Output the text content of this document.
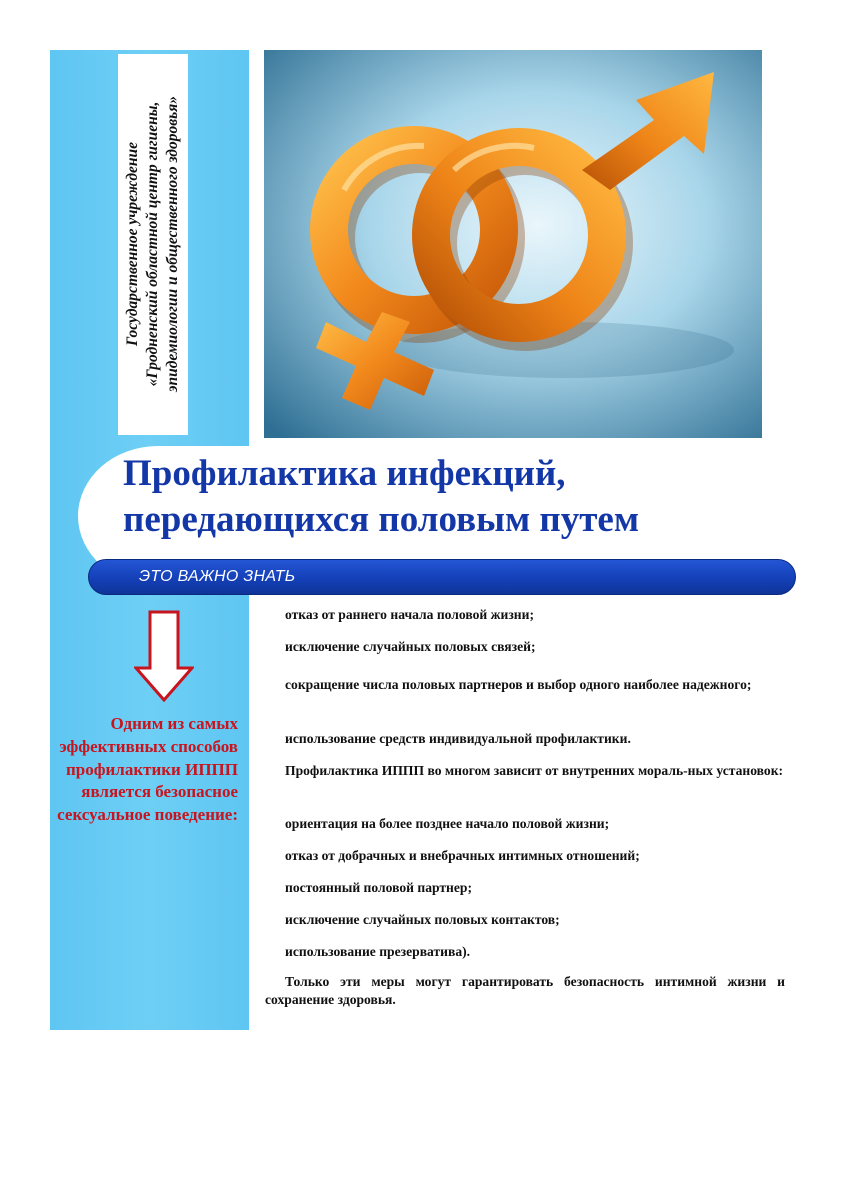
Государственное учреждение «Гродненский областной центр гигиены, эпидемиологии и общественного здоровья»
Профилактика инфекций,
передающихся половым путем
ЭТО ВАЖНО ЗНАТЬ
Одним из самых эффективных способов профилактики ИППП является безопасное сексуальное поведение:
отказ от раннего начала половой жизни;
исключение случайных половых связей;
сокращение числа половых партнеров и выбор одного наиболее надежного;
использование средств индивидуальной профилактики.
Профилактика ИППП во многом зависит от внутренних мораль-ных установок:
ориентация на более позднее начало половой жизни;
отказ от добрачных и внебрачных интимных отношений;
постоянный половой партнер;
исключение случайных половых контактов;
использование презерватива).
Только эти меры могут гарантировать безопасность интимной жизни и сохранение здоровья.
